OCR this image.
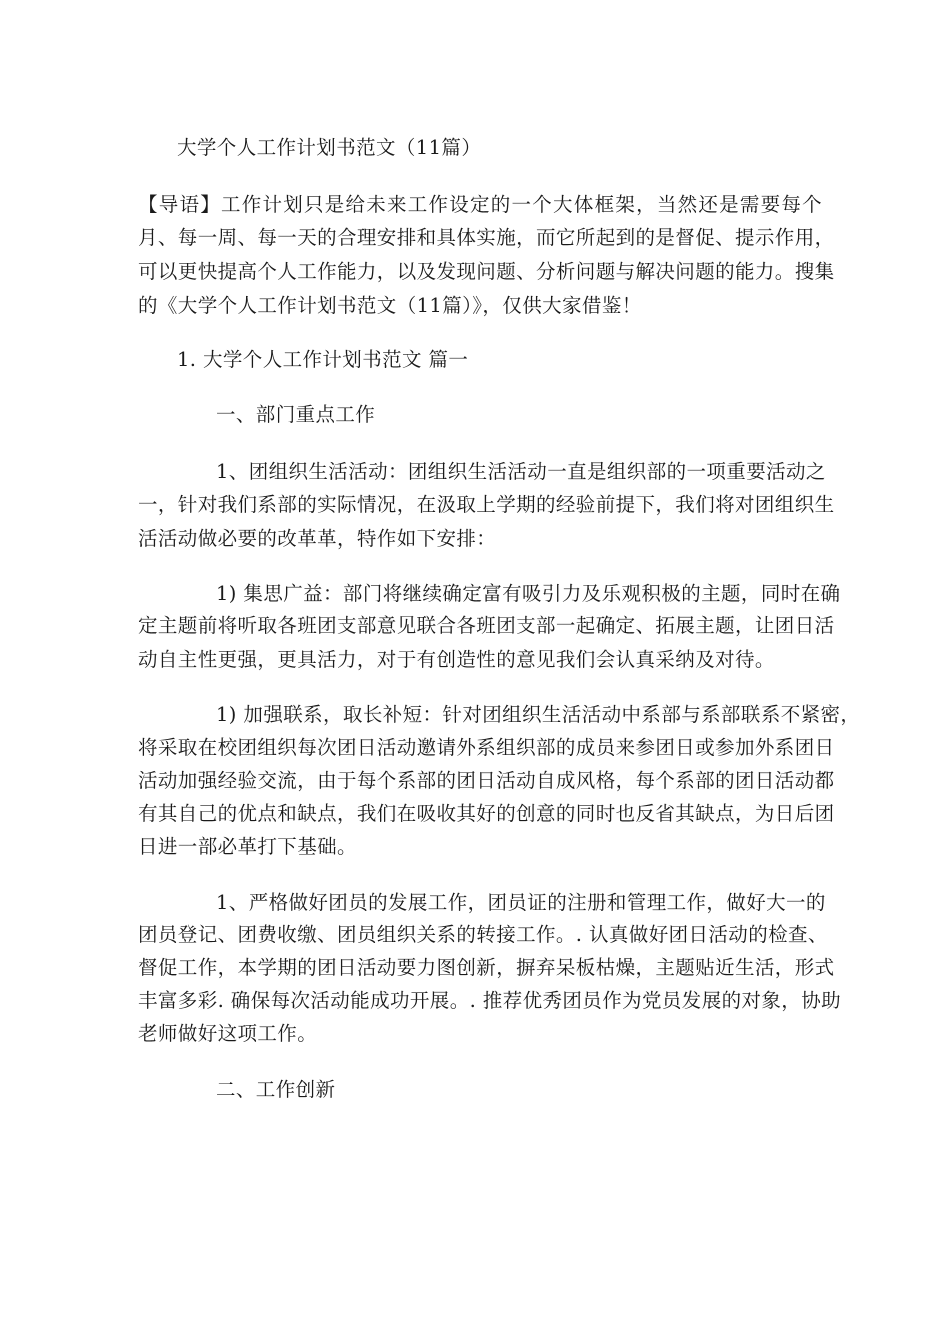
大学个人工作计划书范文（11篇）
【导语】工作计划只是给未来工作设定的一个大体框架，当然还是需要每个
月、每一周、每一天的合理安排和具体实施，而它所起到的是督促、提示作用，
可以更快提高个人工作能力，以及发现问题、分析问题与解决问题的能力。搜集
的《大学个人工作计划书范文（11篇）》，仅供大家借鉴！
1. 大学个人工作计划书范文 篇一
一、部门重点工作
1、团组织生活活动：团组织生活活动一直是组织部的一项重要活动之
一，针对我们系部的实际情况，在汲取上学期的经验前提下，我们将对团组织生
活活动做必要的改革革，特作如下安排：
1) 集思广益：部门将继续确定富有吸引力及乐观积极的主题，同时在确
定主题前将听取各班团支部意见联合各班团支部一起确定、拓展主题，让团日活
动自主性更强，更具活力，对于有创造性的意见我们会认真采纳及对待。
1) 加强联系，取长补短：针对团组织生活活动中系部与系部联系不紧密，
将采取在校团组织每次团日活动邀请外系组织部的成员来参团日或参加外系团日
活动加强经验交流，由于每个系部的团日活动自成风格，每个系部的团日活动都
有其自己的优点和缺点，我们在吸收其好的创意的同时也反省其缺点，为日后团
日进一部必革打下基础。
1、严格做好团员的发展工作，团员证的注册和管理工作，做好大一的
团员登记、团费收缴、团员组织关系的转接工作。. 认真做好团日活动的检查、
督促工作，本学期的团日活动要力图创新，摒弃呆板枯燥，主题贴近生活，形式
丰富多彩. 确保每次活动能成功开展。. 推荐优秀团员作为党员发展的对象，协助
老师做好这项工作。
二、工作创新
